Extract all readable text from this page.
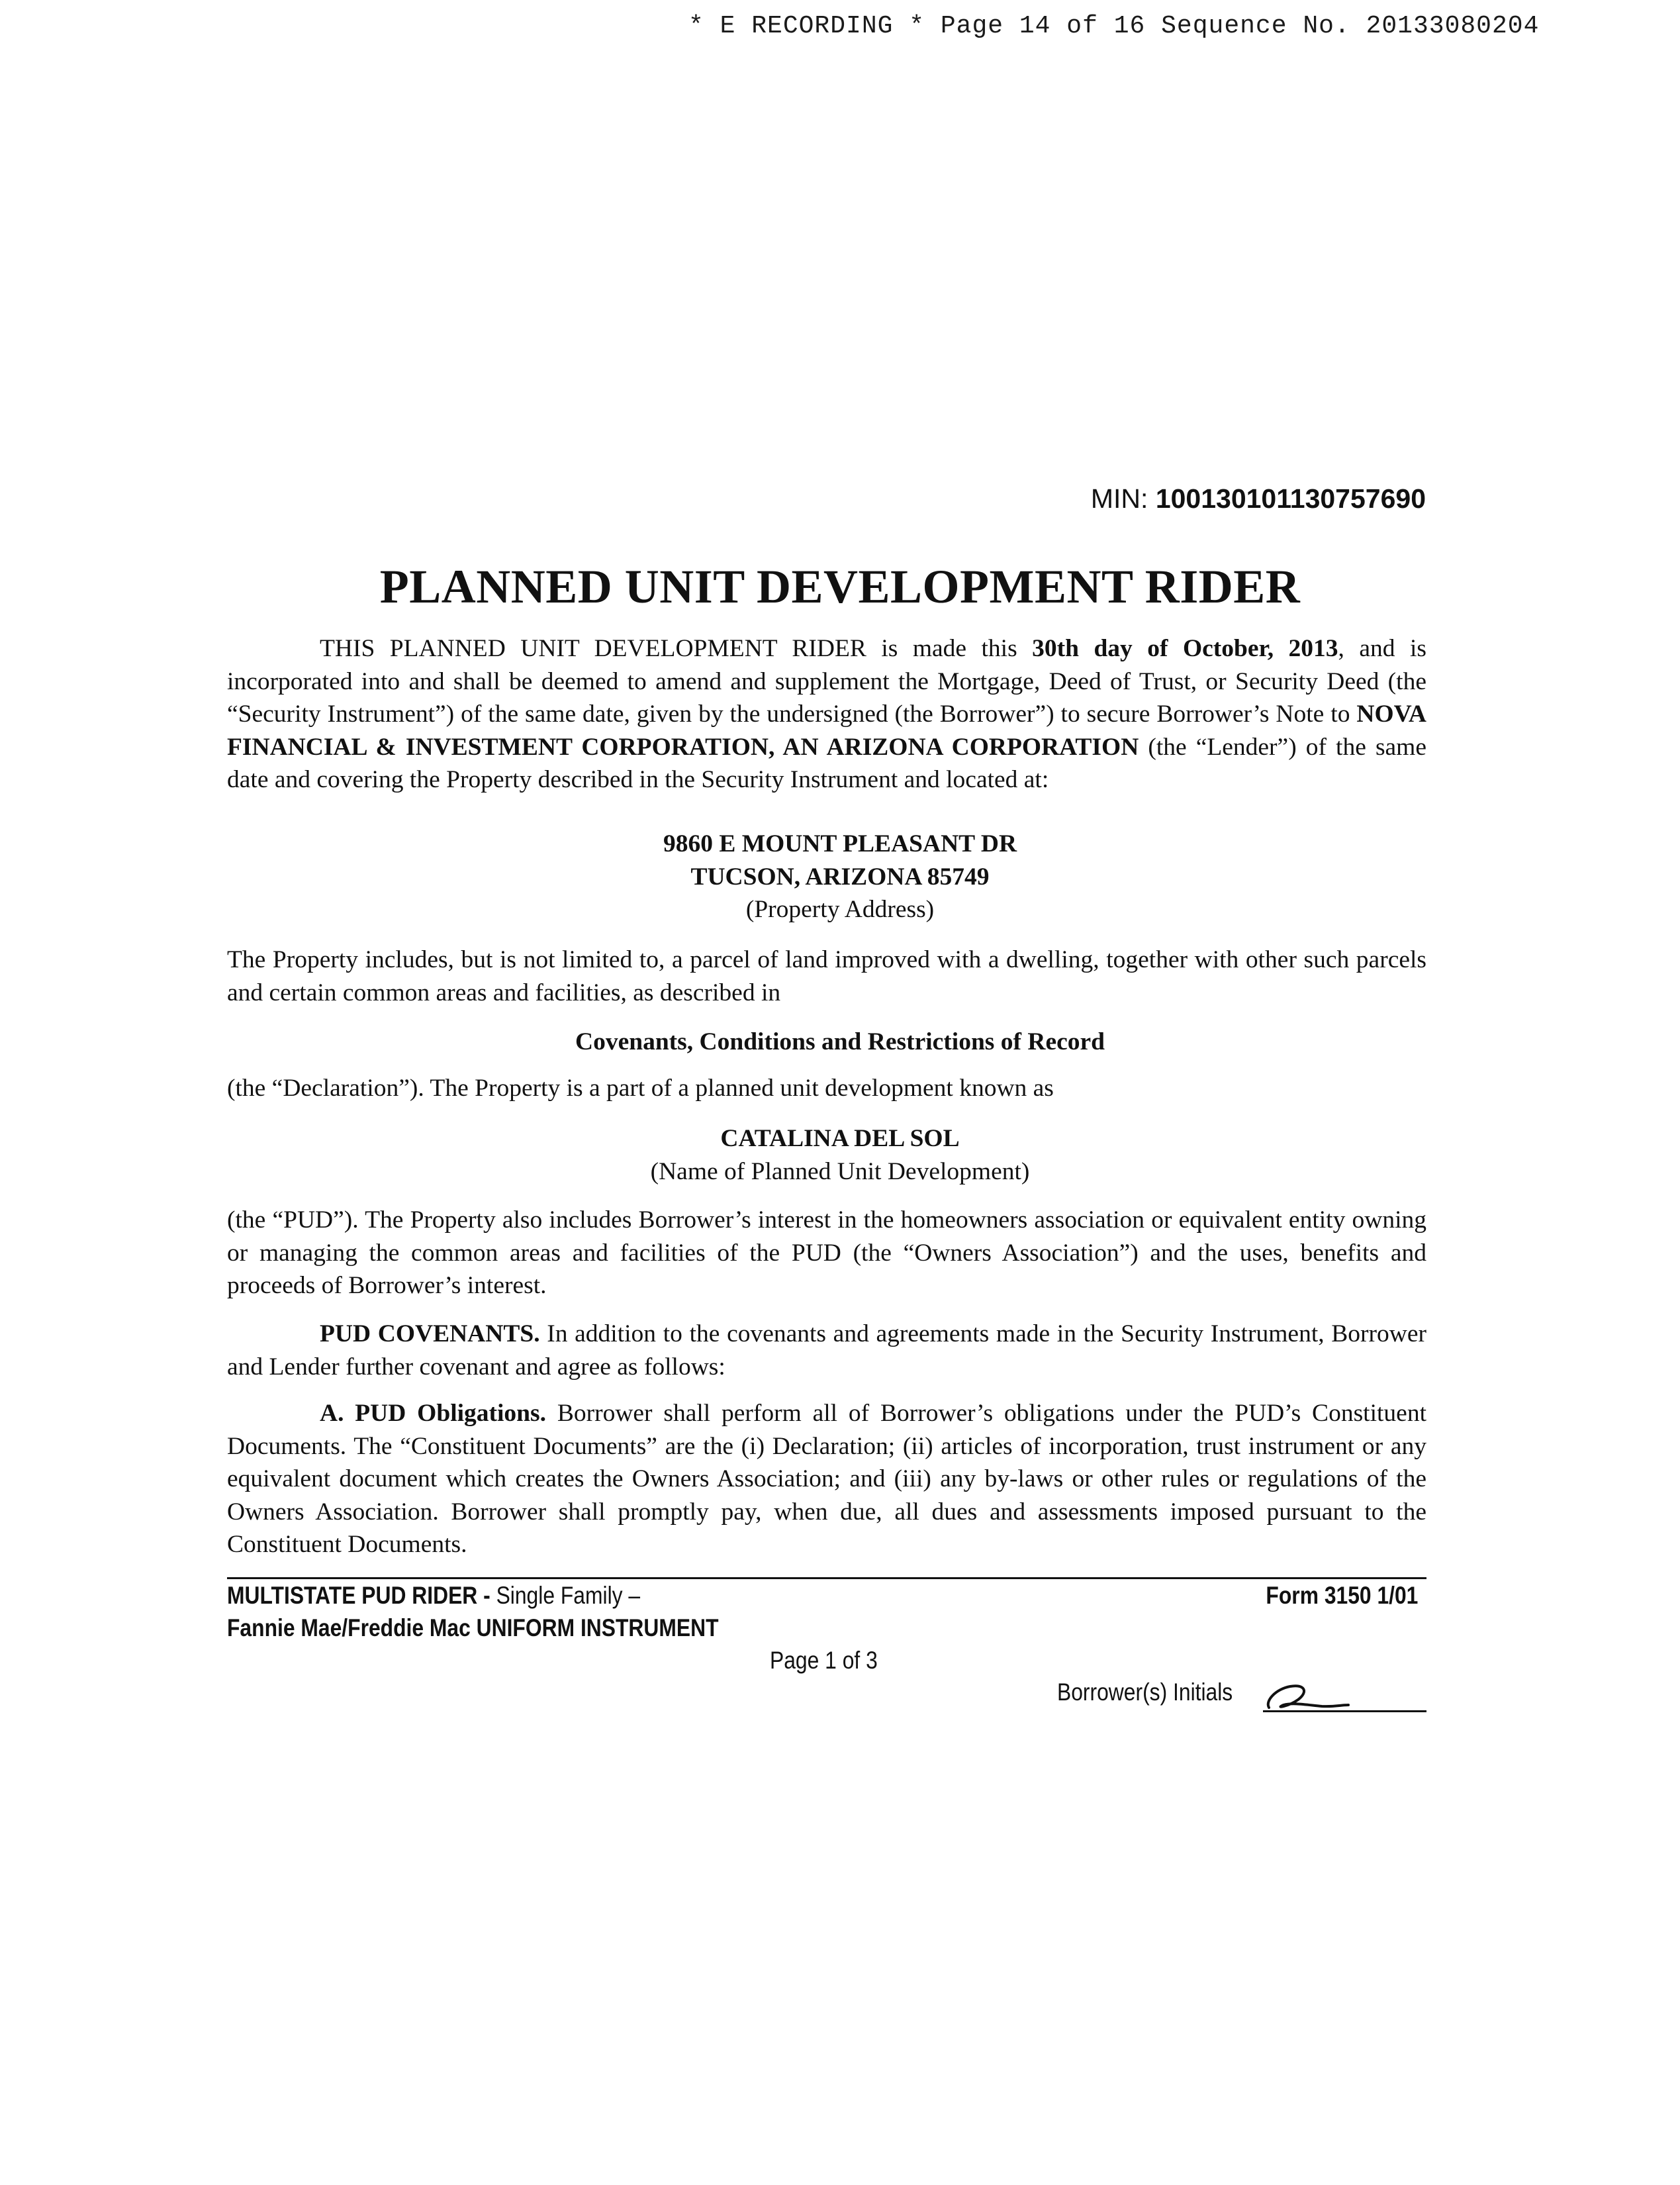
* E RECORDING * Page 14 of 16 Sequence No. 20133080204
MIN: 100130101130757690
PLANNED UNIT DEVELOPMENT RIDER
THIS PLANNED UNIT DEVELOPMENT RIDER is made this 30th day of October, 2013, and is incorporated into and shall be deemed to amend and supplement the Mortgage, Deed of Trust, or Security Deed (the “Security Instrument”) of the same date, given by the undersigned (the Borrower”) to secure Borrower’s Note to NOVA FINANCIAL & INVESTMENT CORPORATION, AN ARIZONA CORPORATION (the “Lender”) of the same date and covering the Property described in the Security Instrument and located at:
9860 E MOUNT PLEASANT DR
TUCSON, ARIZONA 85749
(Property Address)
The Property includes, but is not limited to, a parcel of land improved with a dwelling, together with other such parcels and certain common areas and facilities, as described in
Covenants, Conditions and Restrictions of Record
(the “Declaration”). The Property is a part of a planned unit development known as
CATALINA DEL SOL
(Name of Planned Unit Development)
(the “PUD”). The Property also includes Borrower’s interest in the homeowners association or equivalent entity owning or managing the common areas and facilities of the PUD (the “Owners Association”) and the uses, benefits and proceeds of Borrower’s interest.
PUD COVENANTS. In addition to the covenants and agreements made in the Security Instrument, Borrower and Lender further covenant and agree as follows:
A. PUD Obligations. Borrower shall perform all of Borrower’s obligations under the PUD’s Constituent Documents. The “Constituent Documents” are the (i) Declaration; (ii) articles of incorporation, trust instrument or any equivalent document which creates the Owners Association; and (iii) any by-laws or other rules or regulations of the Owners Association. Borrower shall promptly pay, when due, all dues and assessments imposed pursuant to the Constituent Documents.
MULTISTATE PUD RIDER - Single Family –
Fannie Mae/Freddie Mac UNIFORM INSTRUMENT
Form 3150 1/01
Page 1 of 3
Borrower(s) Initials
